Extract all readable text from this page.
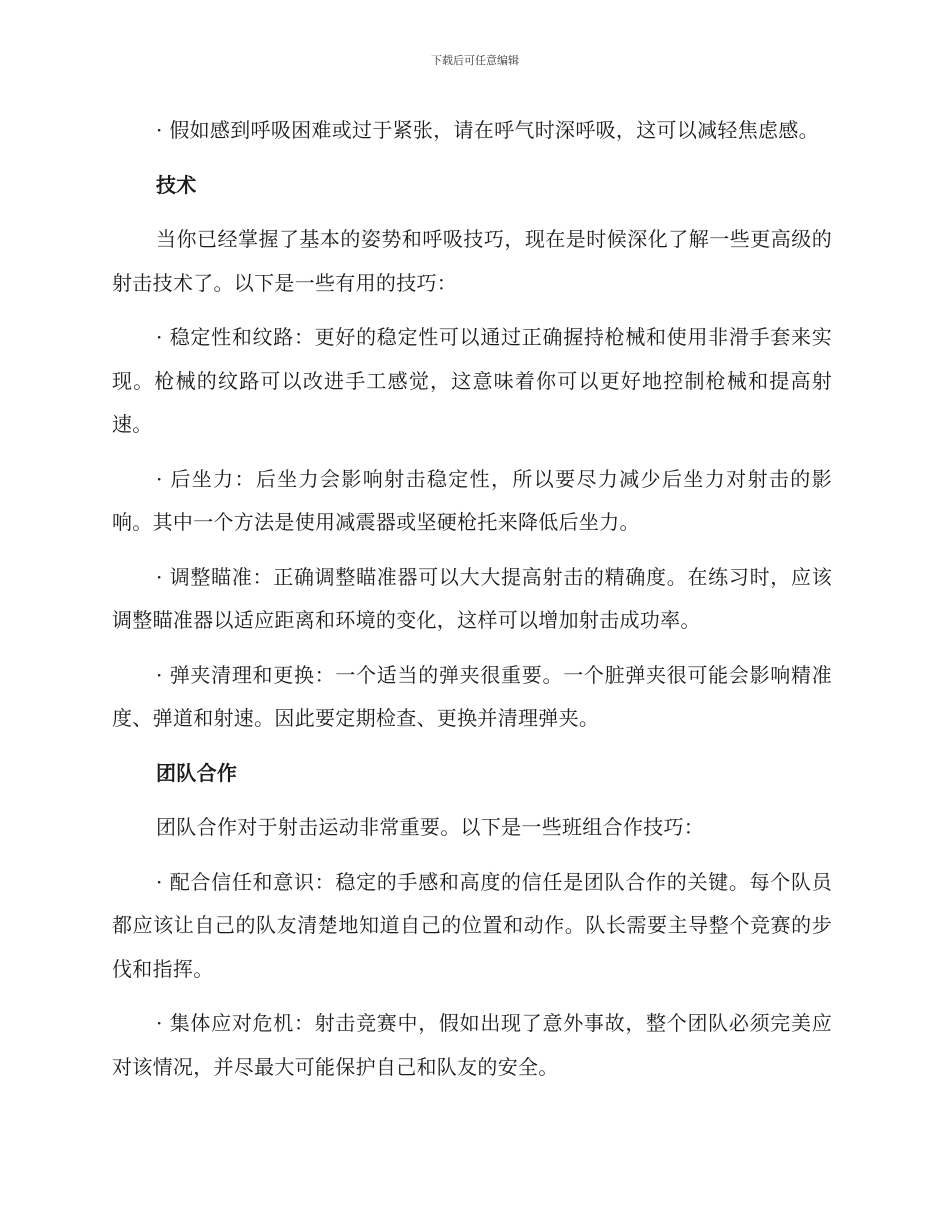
下载后可任意编辑

· 假如感到呼吸困难或过于紧张，请在呼气时深呼吸，这可以减轻焦虑感。

技术

当你已经掌握了基本的姿势和呼吸技巧，现在是时候深化了解一些更高级的射击技术了。以下是一些有用的技巧：

· 稳定性和纹路：更好的稳定性可以通过正确握持枪械和使用非滑手套来实现。枪械的纹路可以改进手工感觉，这意味着你可以更好地控制枪械和提高射速。

· 后坐力：后坐力会影响射击稳定性，所以要尽力减少后坐力对射击的影响。其中一个方法是使用减震器或坚硬枪托来降低后坐力。

· 调整瞄准：正确调整瞄准器可以大大提高射击的精确度。在练习时，应该调整瞄准器以适应距离和环境的变化，这样可以增加射击成功率。

· 弹夹清理和更换：一个适当的弹夹很重要。一个脏弹夹很可能会影响精准度、弹道和射速。因此要定期检查、更换并清理弹夹。

团队合作

团队合作对于射击运动非常重要。以下是一些班组合作技巧：

· 配合信任和意识：稳定的手感和高度的信任是团队合作的关键。每个队员都应该让自己的队友清楚地知道自己的位置和动作。队长需要主导整个竞赛的步伐和指挥。

· 集体应对危机：射击竞赛中，假如出现了意外事故，整个团队必须完美应对该情况，并尽最大可能保护自己和队友的安全。
